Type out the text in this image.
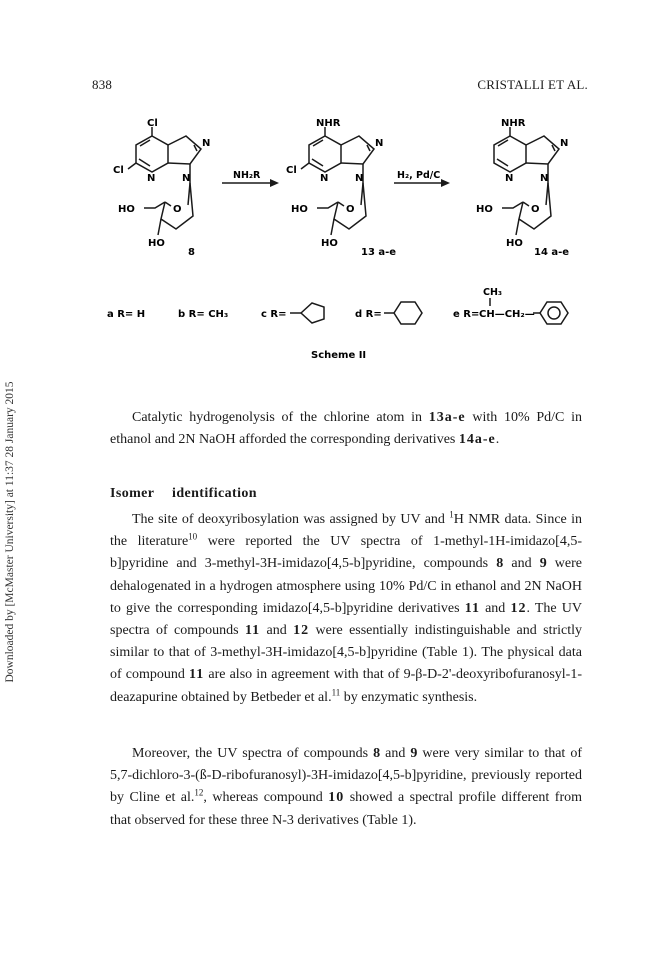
838	CRISTALLI ET AL.
Downloaded by [McMaster University] at 11:37 28 January 2015
Cl
Cl
N
N	N
O
HO
HO
8
NH₂R
NHR
Cl
N
N	N
O
HO
HO
13 a-e
H₂, Pd/C
NHR
N
N	N
O
HO
HO
14 a-e
a R= H	b R= CH₃	c R=	d R=	e R=
CH₃
CH—CH₂—
Scheme II

Catalytic hydrogenolysis of the chlorine atom in 13a-e with 10% Pd/C in ethanol and 2N NaOH afforded the corresponding derivatives 14a-e.

Isomer identification

The site of deoxyribosylation was assigned by UV and $^1$H NMR data. Since in the literature$^{10}$ were reported the UV spectra of 1-methyl-1H-imidazo[4,5-b]pyridine and 3-methyl-3H-imidazo[4,5-b]pyridine, compounds 8 and 9 were dehalogenated in a hydrogen atmosphere using 10% Pd/C in ethanol and 2N NaOH to give the corresponding imidazo[4,5-b]pyridine derivatives 11 and 12. The UV spectra of compounds 11 and 12 were essentially indistinguishable and strictly similar to that of 3-methyl-3H-imidazo[4,5-b]pyridine (Table 1). The physical data of compound 11 are also in agreement with that of 9-β-D-2'-deoxyribofuranosyl-1-deazapurine obtained by Betbeder et al.$^{11}$ by enzymatic synthesis.

Moreover, the UV spectra of compounds 8 and 9 were very similar to that of 5,7-dichloro-3-(ß-D-ribofuranosyl)-3H-imidazo[4,5-b]pyridine, previously reported by Cline et al.$^{12}$, whereas compound 10 showed a spectral profile different from that observed for these three N-3 derivatives (Table 1).
